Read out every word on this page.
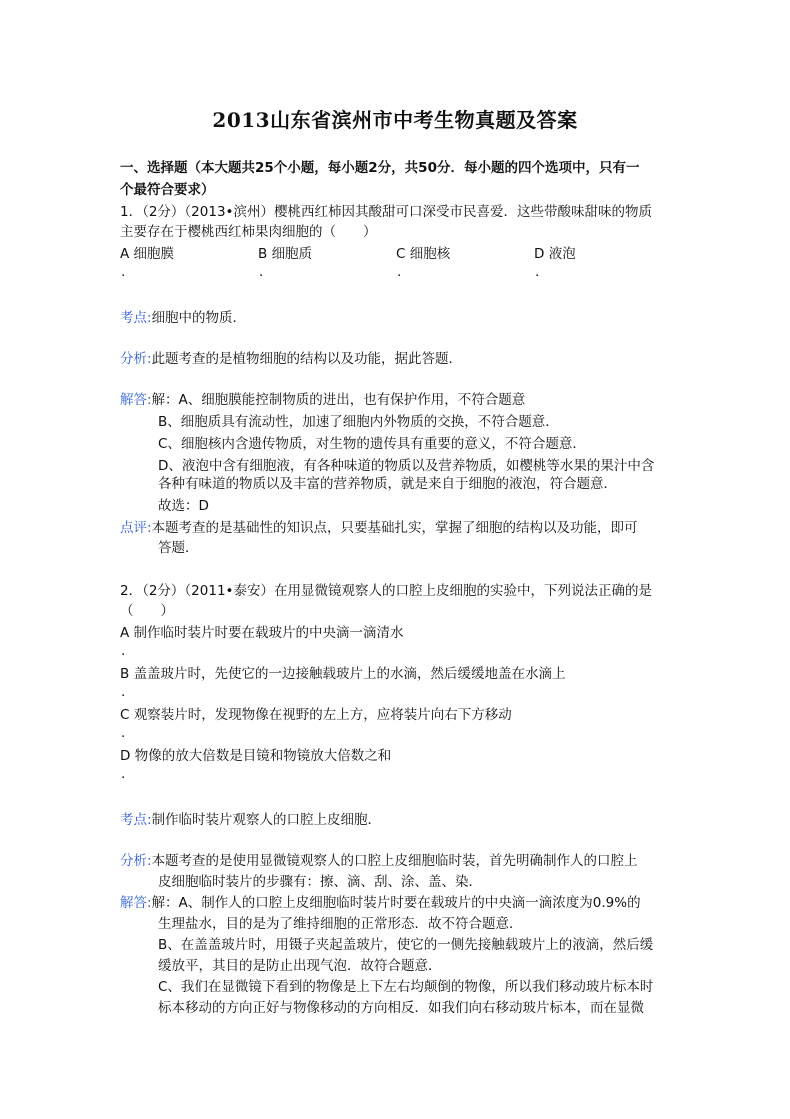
2013山东省滨州市中考生物真题及答案
一、选择题（本大题共25个小题，每小题2分，共50分．每小题的四个选项中，只有一
个最符合要求）
1．（2分）（2013•滨州）樱桃西红柿因其酸甜可口深受市民喜爱．这些带酸味甜味的物质
主要存在于樱桃西红柿果肉细胞的（　　）
A 细胞膜	B 细胞质	C 细胞核	D 液泡
.	.	.	.
考点:细胞中的物质．
分析:此题考查的是植物细胞的结构以及功能，据此答题．
解答:解：A、细胞膜能控制物质的进出，也有保护作用，不符合题意
B、细胞质具有流动性，加速了细胞内外物质的交换，不符合题意．
C、细胞核内含遗传物质，对生物的遗传具有重要的意义，不符合题意．
D、液泡中含有细胞液，有各种味道的物质以及营养物质，如樱桃等水果的果汁中含
各种有味道的物质以及丰富的营养物质，就是来自于细胞的液泡，符合题意．
故选：D
点评:本题考查的是基础性的知识点，只要基础扎实，掌握了细胞的结构以及功能，即可
答题．
2．（2分）（2011•泰安）在用显微镜观察人的口腔上皮细胞的实验中，下列说法正确的是
（　　）
A 制作临时装片时要在载玻片的中央滴一滴清水
.
B 盖盖玻片时，先使它的一边接触载玻片上的水滴，然后缓缓地盖在水滴上
.
C 观察装片时，发现物像在视野的左上方，应将装片向右下方移动
.
D 物像的放大倍数是目镜和物镜放大倍数之和
.
考点:制作临时装片观察人的口腔上皮细胞．
分析:本题考查的是使用显微镜观察人的口腔上皮细胞临时装，首先明确制作人的口腔上
皮细胞临时装片的步骤有：擦、滴、刮、涂、盖、染．
解答:解：A、制作人的口腔上皮细胞临时装片时要在载玻片的中央滴一滴浓度为0.9%的
生理盐水，目的是为了维持细胞的正常形态．故不符合题意．
B、在盖盖玻片时，用镊子夹起盖玻片，使它的一侧先接触载玻片上的液滴，然后缓
缓放平，其目的是防止出现气泡．故符合题意．
C、我们在显微镜下看到的物像是上下左右均颠倒的物像，所以我们移动玻片标本时
标本移动的方向正好与物像移动的方向相反．如我们向右移动玻片标本，而在显微
